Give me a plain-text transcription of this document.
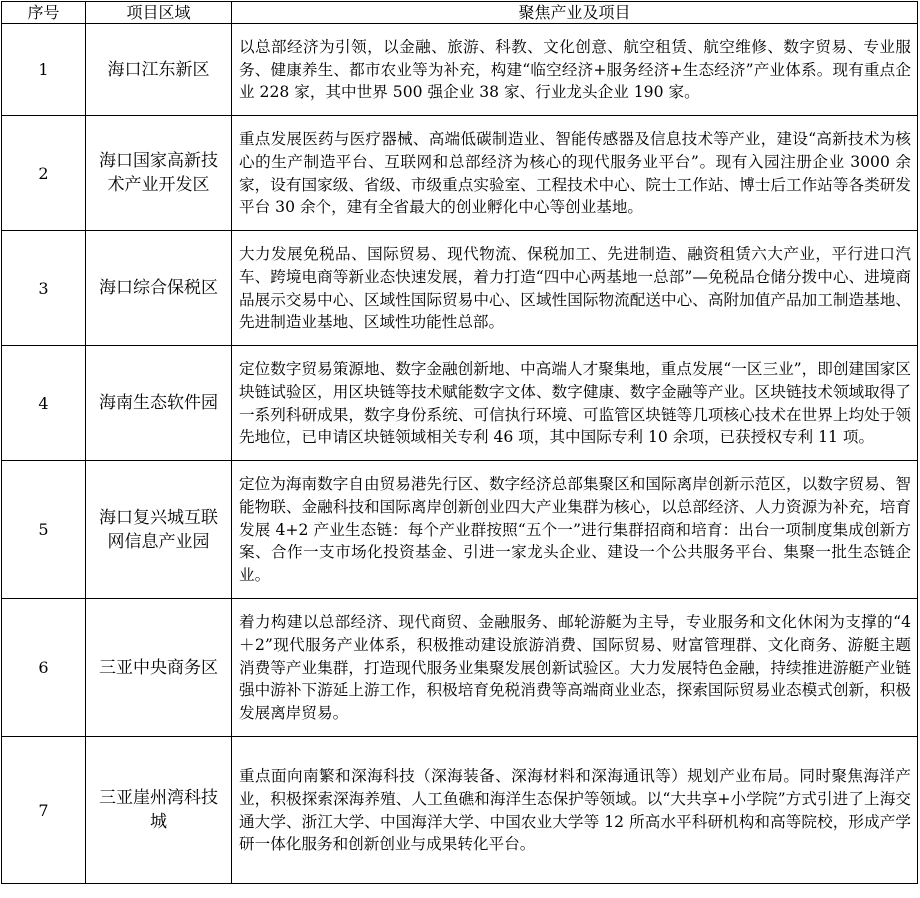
序号	项目区域	聚焦产业及项目
1	海口江东新区	以总部经济为引领，以金融、旅游、科教、文化创意、航空租赁、航空维修、数字贸易、专业服务、健康养生、都市农业等为补充，构建“临空经济+服务经济+生态经济”产业体系。现有重点企业 228 家，其中世界 500 强企业 38 家、行业龙头企业 190 家。
2	海口国家高新技术产业开发区	重点发展医药与医疗器械、高端低碳制造业、智能传感器及信息技术等产业，建设“高新技术为核心的生产制造平台、互联网和总部经济为核心的现代服务业平台”。现有入园注册企业 3000 余家，设有国家级、省级、市级重点实验室、工程技术中心、院士工作站、博士后工作站等各类研发平台 30 余个，建有全省最大的创业孵化中心等创业基地。
3	海口综合保税区	大力发展免税品、国际贸易、现代物流、保税加工、先进制造、融资租赁六大产业，平行进口汽车、跨境电商等新业态快速发展，着力打造“四中心两基地一总部”—免税品仓储分拨中心、进境商品展示交易中心、区域性国际贸易中心、区域性国际物流配送中心、高附加值产品加工制造基地、先进制造业基地、区域性功能性总部。
4	海南生态软件园	定位数字贸易策源地、数字金融创新地、中高端人才聚集地，重点发展“一区三业”，即创建国家区块链试验区，用区块链等技术赋能数字文体、数字健康、数字金融等产业。区块链技术领域取得了一系列科研成果，数字身份系统、可信执行环境、可监管区块链等几项核心技术在世界上均处于领先地位，已申请区块链领域相关专利 46 项，其中国际专利 10 余项，已获授权专利 11 项。
5	海口复兴城互联网信息产业园	定位为海南数字自由贸易港先行区、数字经济总部集聚区和国际离岸创新示范区，以数字贸易、智能物联、金融科技和国际离岸创新创业四大产业集群为核心，以总部经济、人力资源为补充，培育发展 4+2 产业生态链：每个产业群按照“五个一”进行集群招商和培育：出台一项制度集成创新方案、合作一支市场化投资基金、引进一家龙头企业、建设一个公共服务平台、集聚一批生态链企业。
6	三亚中央商务区	着力构建以总部经济、现代商贸、金融服务、邮轮游艇为主导，专业服务和文化休闲为支撑的“4＋2”现代服务产业体系，积极推动建设旅游消费、国际贸易、财富管理群、文化商务、游艇主题消费等产业集群，打造现代服务业集聚发展创新试验区。大力发展特色金融，持续推进游艇产业链强中游补下游延上游工作，积极培育免税消费等高端商业业态，探索国际贸易业态模式创新，积极发展离岸贸易。
7	三亚崖州湾科技城	重点面向南繁和深海科技（深海装备、深海材料和深海通讯等）规划产业布局。同时聚焦海洋产业，积极探索深海养殖、人工鱼礁和海洋生态保护等领域。以“大共享+小学院”方式引进了上海交通大学、浙江大学、中国海洋大学、中国农业大学等 12 所高水平科研机构和高等院校，形成产学研一体化服务和创新创业与成果转化平台。
